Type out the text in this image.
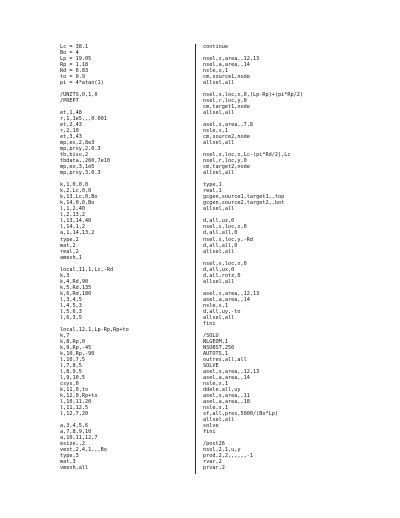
Lc = 38.1
Bo = 4
Lp = 19.05
Rp = 1.18
Rd = 6.83
to = 0.9
pi = 4*atan(1)
/UNITS,0,1,0
/PREP7
et,1,48
r,1,1e5,,,0.001
et,2,43
r,2,10
et,3,43
mp,ex,2,8e3
mp,prxy,2,0.3
tb,biso,2
tbdata,,260,7e10
mp,ex,3,1e5
mp,prxy,3,0.3
k,1,0,0,0
k,2,Lc,0,0
k,13,Lc,0,Bo
k,14,0,0,Bo
l,1,2,40
l,2,13,2
l,13,14,40
l,14,1,2
a,1,14,13,2
type,2
mat,2
real,2
amesh,1
local,11,1,Lc,-Rd
k,3
k,4,Rd,90
k,5,Rd,135
k,6,Rd,180
l,3,4,5
l,4,5,3
l,5,6,3
l,6,3,5
local,12,1,Lp-Rp,Rp+to
k,7
k,8,Rp,0
k,9,Rp,-45
k,10,Rp,-90
l,10,7,5
l,7,8,5
l,8,9,5
l,9,10,5
csys,0
k,11,0,to
k,12,0,Rp+to
l,10,11,20
l,11,12,5
l,12,7,20
a,3,4,5,6
a,7,8,9,10
a,10,11,12,7
esize,,2
vext,2,4,1,,,Bo
type,3
mat,3
vmesh,all
continue
nsel,s,area,,12,13
nsel,a,area,,14
nsle,s,1
cm,source1,node
allsel,all
nsel,s,loc,x,0,(Lp-Rp)+(pi*Rp/2)
nsel,r,loc,y,0
cm,target1,node
allsel,all
asel,s,area,,7,8
nsle,s,1
cm,source2,node
allsel,all
nsel,s,loc,x,Lc-(pi*Rd/2),Lc
nsel,r,loc,y,0
cm,target2,node
allsel,all
type,1
real,1
gcgen,source1,target1,,top
gcgen,source2,target2,,bot
allsel,all
d,all,uz,0
nsel,s,loc,x,0
d,all,all,0
nsel,s,loc,y,-Rd
d,all,all,0
allsel,all
nsel,s,loc,x,0
d,all,ux,0
d,all,rotz,0
allsel,all
asel,s,area,,12,13
asel,a,area,,14
nsle,s,1
d,all,uy,-to
allsel,all
fini
/SOLU
NLGEOM,1
NSUBST,250
AUTOTS,1
outres,all,all
SOLVE
asel,s,area,,12,13
asel,a,area,,14
nsle,s,1
ddele,all,uy
asel,s,area,,11
asel,a,area,,18
nsle,s,1
sf,all,pres,5000/(Bo*Lp)
allsel,all
solve
fini
/post26
nsol,2,1,u,y
prod,2,2,,,,,,-1
rvar,2
prvar,2
